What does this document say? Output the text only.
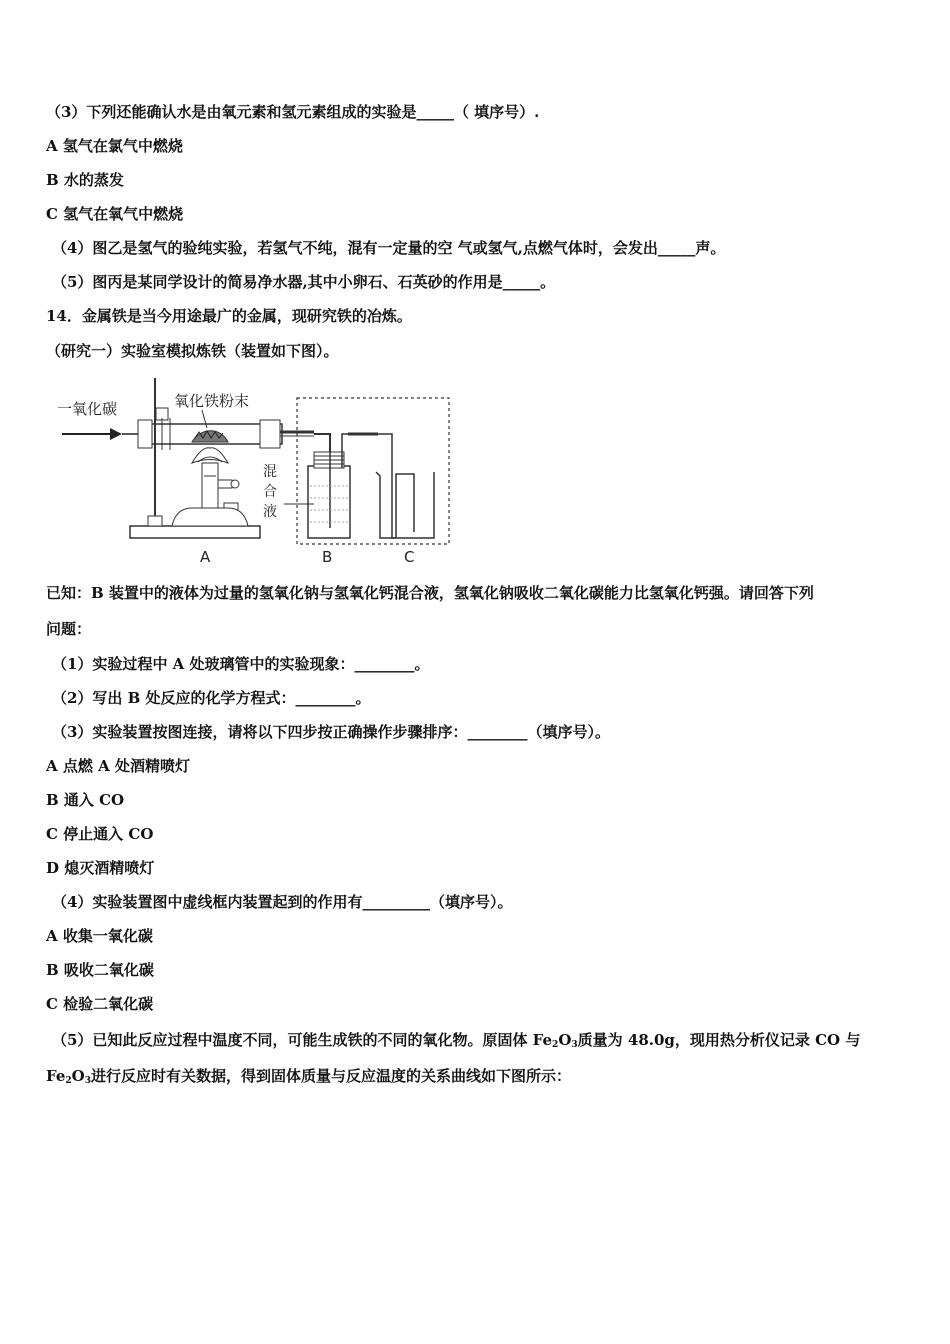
（3）下列还能确认水是由氧元素和氢元素组成的实验是_____（ 填序号）.
A 氢气在氯气中燃烧
B 水的蒸发
C 氢气在氧气中燃烧
（4）图乙是氢气的验纯实验，若氢气不纯，混有一定量的空 气或氢气,点燃气体时，会发出_____声。
（5）图丙是某同学设计的简易净水器,其中小卵石、石英砂的作用是_____。
14．金属铁是当今用途最广的金属，现研究铁的冶炼。
（研究一）实验室模拟炼铁（装置如下图）。
一氧化碳	氧化铁粉末
A
混
合
液
B	C
已知：B 装置中的液体为过量的氢氧化钠与氢氧化钙混合液，氢氧化钠吸收二氧化碳能力比氢氧化钙强。请回答下列
问题：
（1）实验过程中 A 处玻璃管中的实验现象：________。
（2）写出 B 处反应的化学方程式：________。
（3）实验装置按图连接，请将以下四步按正确操作步骤排序：________（填序号）。
A 点燃 A 处酒精喷灯
B 通入 CO
C 停止通入 CO
D 熄灭酒精喷灯
（4）实验装置图中虚线框内装置起到的作用有_________（填序号）。
A 收集一氧化碳
B 吸收二氧化碳
C 检验二氧化碳
（5）已知此反应过程中温度不同，可能生成铁的不同的氧化物。原固体 $Fe_2O_3$质量为 48.0g，现用热分析仪记录 CO 与
$Fe_2O_3$进行反应时有关数据，得到固体质量与反应温度的关系曲线如下图所示：
